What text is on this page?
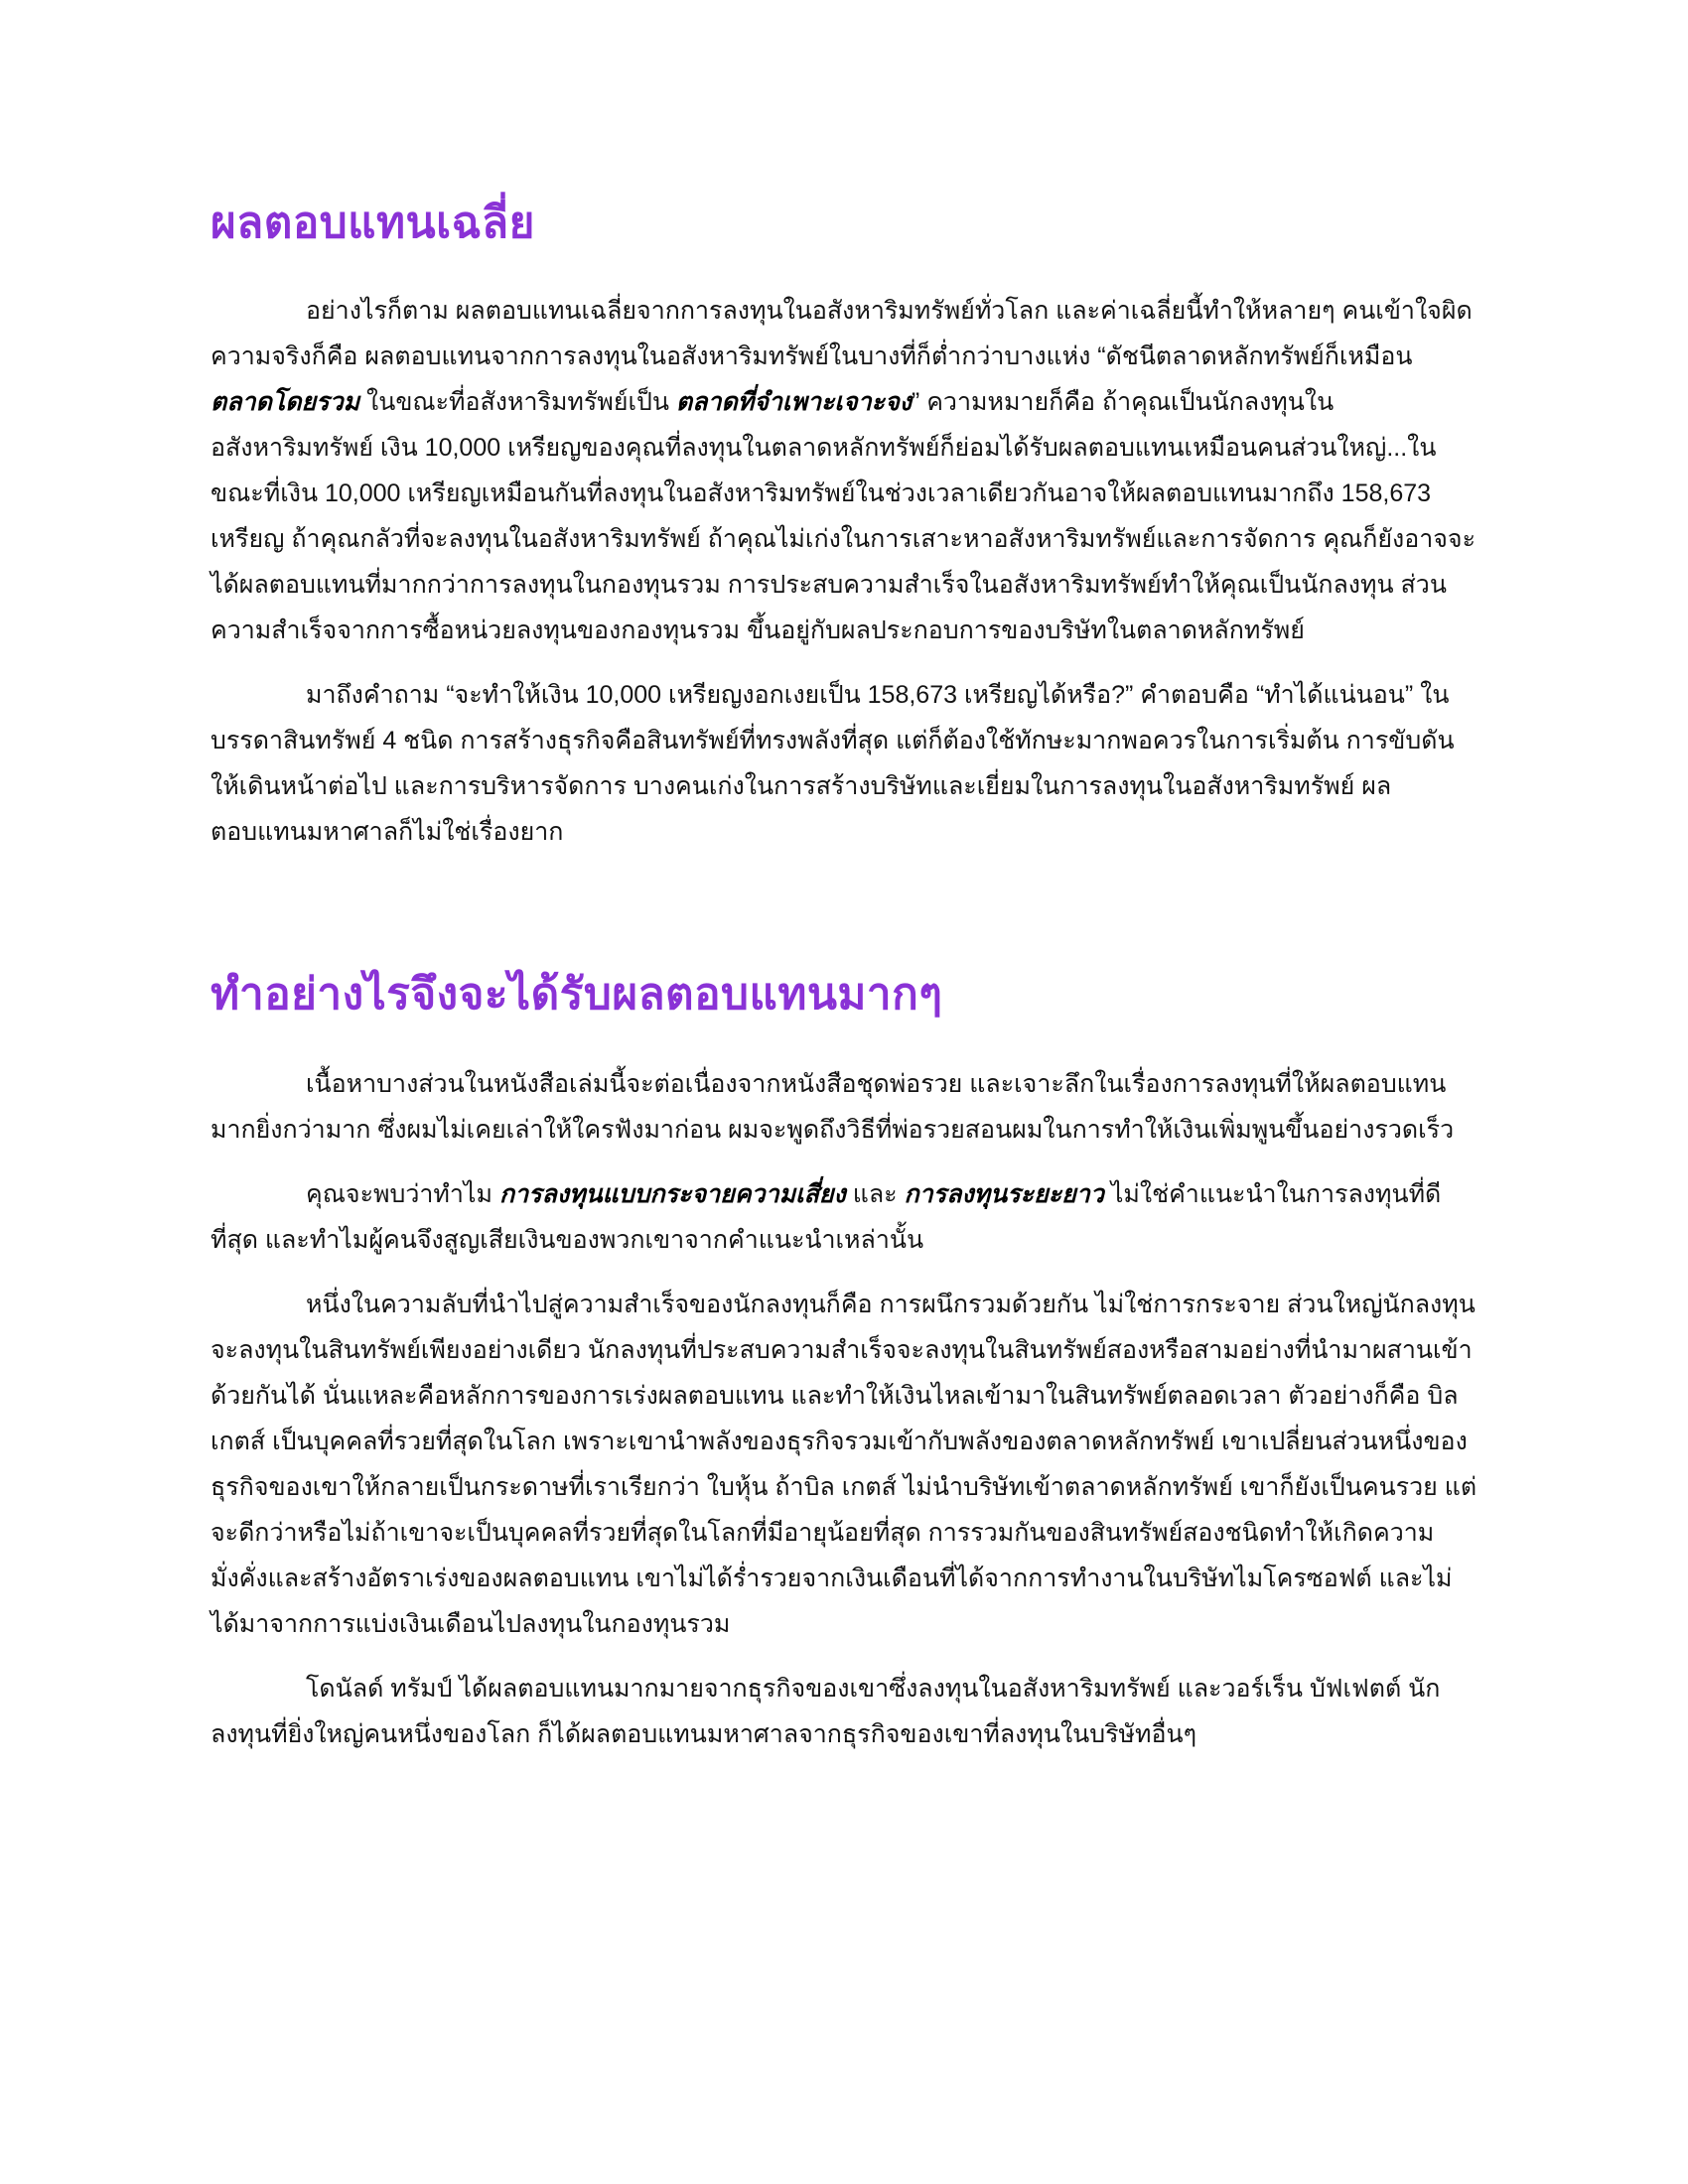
ผลตอบแทนเฉลี่ย

อย่างไรก็ตาม ผลตอบแทนเฉลี่ยจากการลงทุนในอสังหาริมทรัพย์ทั่วโลก และค่าเฉลี่ยนี้ทำให้หลายๆ คนเข้าใจผิด ความจริงก็คือ ผลตอบแทนจากการลงทุนในอสังหาริมทรัพย์ในบางที่ก็ต่ำกว่าบางแห่ง “ดัชนีตลาดหลักทรัพย์ก็เหมือน ตลาดโดยรวม ในขณะที่อสังหาริมทรัพย์เป็น ตลาดที่จำเพาะเจาะจง” ความหมายก็คือ ถ้าคุณเป็นนักลงทุนในอสังหาริมทรัพย์ เงิน 10,000 เหรียญของคุณที่ลงทุนในตลาดหลักทรัพย์ก็ย่อมได้รับผลตอบแทนเหมือนคนส่วนใหญ่...ในขณะที่เงิน 10,000 เหรียญเหมือนกันที่ลงทุนในอสังหาริมทรัพย์ในช่วงเวลาเดียวกันอาจให้ผลตอบแทนมากถึง 158,673 เหรียญ ถ้าคุณกลัวที่จะลงทุนในอสังหาริมทรัพย์ ถ้าคุณไม่เก่งในการเสาะหาอสังหาริมทรัพย์และการจัดการ คุณก็ยังอาจจะได้ผลตอบแทนที่มากกว่าการลงทุนในกองทุนรวม การประสบความสำเร็จในอสังหาริมทรัพย์ทำให้คุณเป็นนักลงทุน ส่วนความสำเร็จจากการซื้อหน่วยลงทุนของกองทุนรวม ขึ้นอยู่กับผลประกอบการของบริษัทในตลาดหลักทรัพย์

มาถึงคำถาม “จะทำให้เงิน 10,000 เหรียญงอกเงยเป็น 158,673 เหรียญได้หรือ?” คำตอบคือ “ทำได้แน่นอน” ในบรรดาสินทรัพย์ 4 ชนิด การสร้างธุรกิจคือสินทรัพย์ที่ทรงพลังที่สุด แต่ก็ต้องใช้ทักษะมากพอควรในการเริ่มต้น การขับดันให้เดินหน้าต่อไป และการบริหารจัดการ บางคนเก่งในการสร้างบริษัทและเยี่ยมในการลงทุนในอสังหาริมทรัพย์ ผลตอบแทนมหาศาลก็ไม่ใช่เรื่องยาก

ทำอย่างไรจึงจะได้รับผลตอบแทนมากๆ

เนื้อหาบางส่วนในหนังสือเล่มนี้จะต่อเนื่องจากหนังสือชุดพ่อรวย และเจาะลึกในเรื่องการลงทุนที่ให้ผลตอบแทนมากยิ่งกว่ามาก ซึ่งผมไม่เคยเล่าให้ใครฟังมาก่อน ผมจะพูดถึงวิธีที่พ่อรวยสอนผมในการทำให้เงินเพิ่มพูนขึ้นอย่างรวดเร็ว

คุณจะพบว่าทำไม การลงทุนแบบกระจายความเสี่ยง และ การลงทุนระยะยาว ไม่ใช่คำแนะนำในการลงทุนที่ดีที่สุด และทำไมผู้คนจึงสูญเสียเงินของพวกเขาจากคำแนะนำเหล่านั้น

หนึ่งในความลับที่นำไปสู่ความสำเร็จของนักลงทุนก็คือ การผนึกรวมด้วยกัน ไม่ใช่การกระจาย ส่วนใหญ่นักลงทุนจะลงทุนในสินทรัพย์เพียงอย่างเดียว นักลงทุนที่ประสบความสำเร็จจะลงทุนในสินทรัพย์สองหรือสามอย่างที่นำมาผสานเข้าด้วยกันได้ นั่นแหละคือหลักการของการเร่งผลตอบแทน และทำให้เงินไหลเข้ามาในสินทรัพย์ตลอดเวลา ตัวอย่างก็คือ บิล เกตส์ เป็นบุคคลที่รวยที่สุดในโลก เพราะเขานำพลังของธุรกิจรวมเข้ากับพลังของตลาดหลักทรัพย์ เขาเปลี่ยนส่วนหนึ่งของธุรกิจของเขาให้กลายเป็นกระดาษที่เราเรียกว่า ใบหุ้น ถ้าบิล เกตส์ ไม่นำบริษัทเข้าตลาดหลักทรัพย์ เขาก็ยังเป็นคนรวย แต่จะดีกว่าหรือไม่ถ้าเขาจะเป็นบุคคลที่รวยที่สุดในโลกที่มีอายุน้อยที่สุด การรวมกันของสินทรัพย์สองชนิดทำให้เกิดความมั่งคั่งและสร้างอัตราเร่งของผลตอบแทน เขาไม่ได้ร่ำรวยจากเงินเดือนที่ได้จากการทำงานในบริษัทไมโครซอฟต์ และไม่ได้มาจากการแบ่งเงินเดือนไปลงทุนในกองทุนรวม

โดนัลด์ ทรัมป์ ได้ผลตอบแทนมากมายจากธุรกิจของเขาซึ่งลงทุนในอสังหาริมทรัพย์ และวอร์เร็น บัฟเฟตต์ นักลงทุนที่ยิ่งใหญ่คนหนึ่งของโลก ก็ได้ผลตอบแทนมหาศาลจากธุรกิจของเขาที่ลงทุนในบริษัทอื่นๆ
